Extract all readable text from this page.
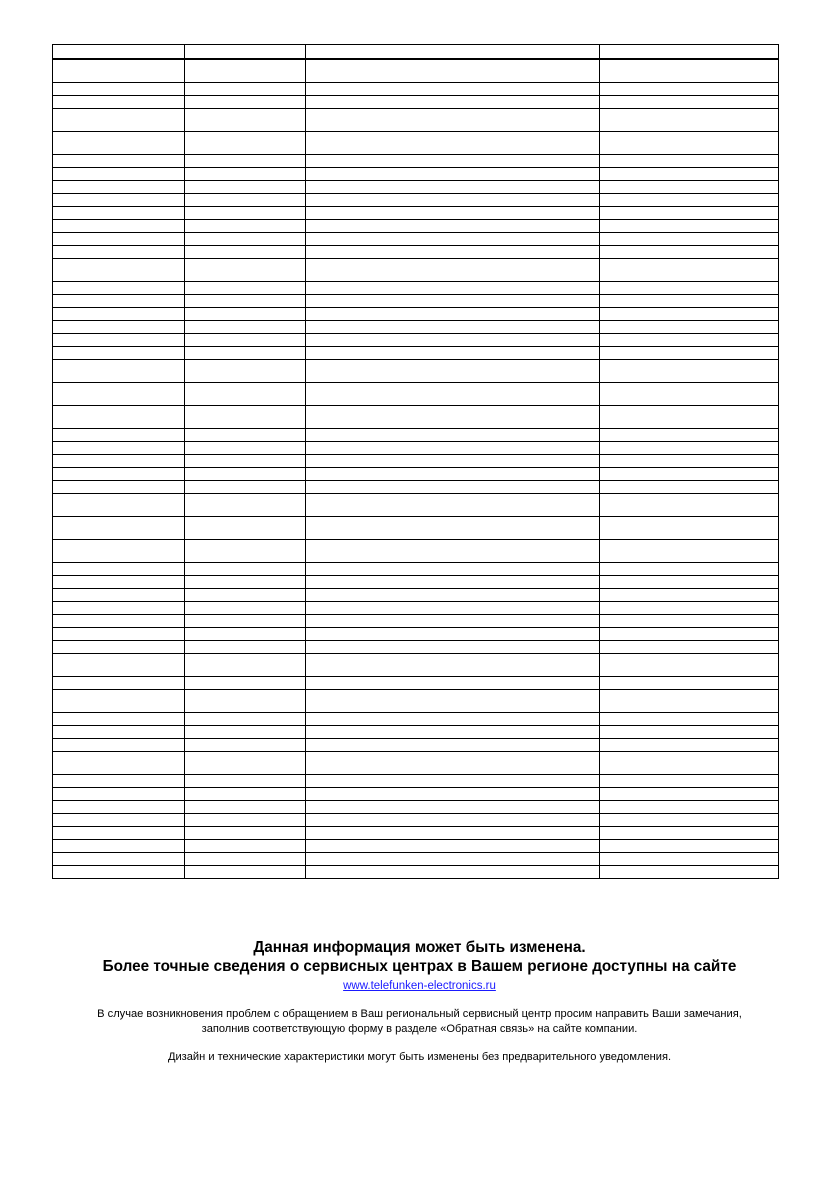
Данная информация может быть изменена.
Более точные сведения о сервисных центрах в Вашем регионе доступны на сайте
www.telefunken-electronics.ru
В случае возникновения проблем с обращением в Ваш региональный сервисный центр просим направить Ваши замечания,
заполнив соответствующую форму в разделе «Обратная связь» на сайте компании.
Дизайн и технические характеристики могут быть изменены без предварительного уведомления.
